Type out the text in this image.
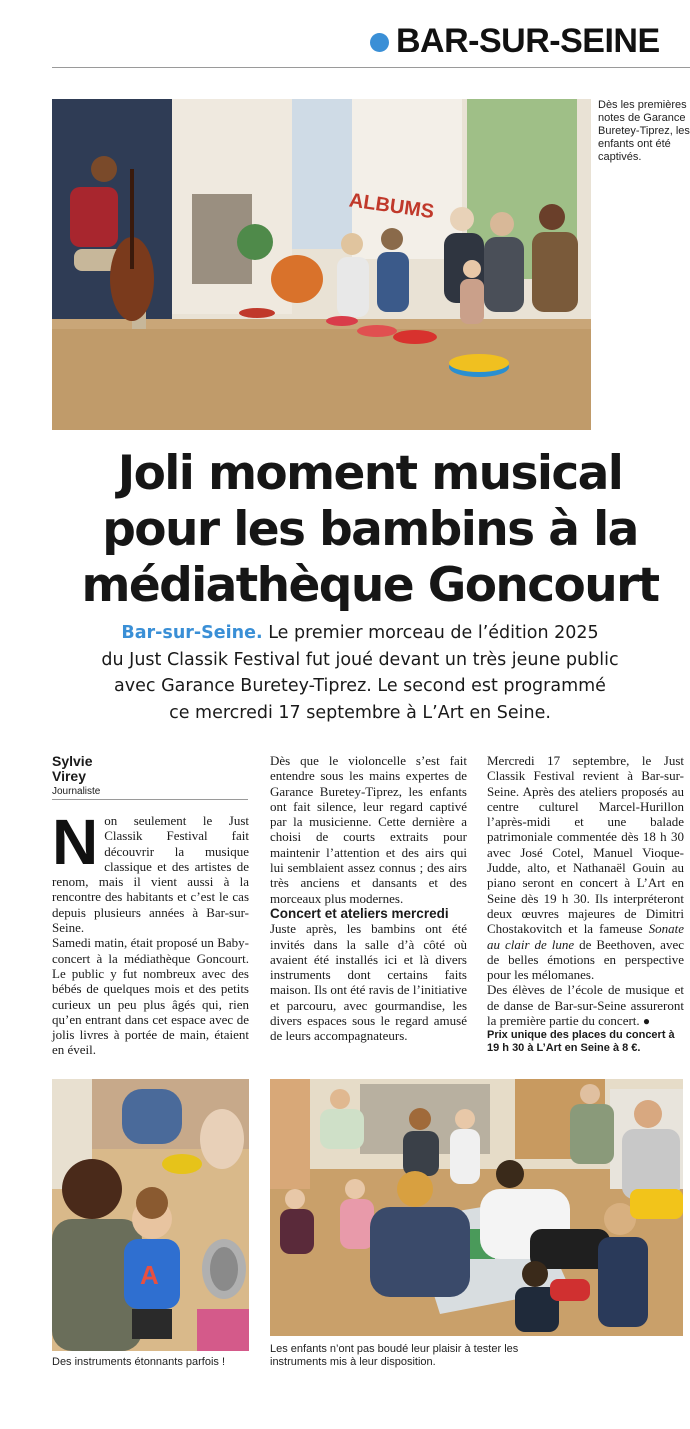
BAR-SUR-SEINE
ALBUMS
Dès les premières notes de Garance Buretey-Tiprez, les enfants ont été captivés.
Joli moment musical
pour les bambins à la
médiathèque Goncourt
Bar-sur-Seine. Le premier morceau de l’édition 2025
du Just Classik Festival fut joué devant un très jeune public
avec Garance Buretey-Tiprez. Le second est programmé
ce mercredi 17 septembre à L’Art en Seine.
Sylvie
Virey
Journaliste

Non seulement le Just Classik Festival fait découvrir la musique classique et des artistes de renom, mais il vient aussi à la rencontre des habitants et c’est le cas depuis plusieurs années à Bar-sur-Seine.

Samedi matin, était proposé un Baby-concert à la médiathèque Goncourt. Le public y fut nombreux avec des bébés de quelques mois et des petits curieux un peu plus âgés qui, rien qu’en entrant dans cet espace avec de jolis livres à portée de main, étaient en éveil.

Dès que le violoncelle s’est fait entendre sous les mains expertes de Garance Buretey-Tiprez, les enfants ont fait silence, leur regard captivé par la musicienne. Cette dernière a choisi de courts extraits pour maintenir l’attention et des airs qui lui semblaient assez connus ; des airs très anciens et dansants et des morceaux plus modernes.

Concert et ateliers mercredi

Juste après, les bambins ont été invités dans la salle d’à côté où avaient été installés ici et là divers instruments dont certains faits maison. Ils ont été ravis de l’initiative et parcouru, avec gourmandise, les divers espaces sous le regard amusé de leurs accompagnateurs.

Mercredi 17 septembre, le Just Classik Festival revient à Bar-sur-Seine. Après des ateliers proposés au centre culturel Marcel-Hurillon l’après-midi et une balade patrimoniale commentée dès 18 h 30 avec José Cotel, Manuel Vioque-Judde, alto, et Nathanaël Gouin au piano seront en concert à L’Art en Seine dès 19 h 30. Ils interpréteront deux œuvres majeures de Dimitri Chostakovitch et la fameuse Sonate au clair de lune de Beethoven, avec de belles émotions en perspective pour les mélomanes.

Des élèves de l’école de musique et de danse de Bar-sur-Seine assureront la première partie du concert. ●

Prix unique des places du concert à 19 h 30 à L’Art en Seine à 8 €.

A
Des instruments étonnants parfois !
Les enfants n’ont pas boudé leur plaisir à tester les instruments mis à leur disposition.
